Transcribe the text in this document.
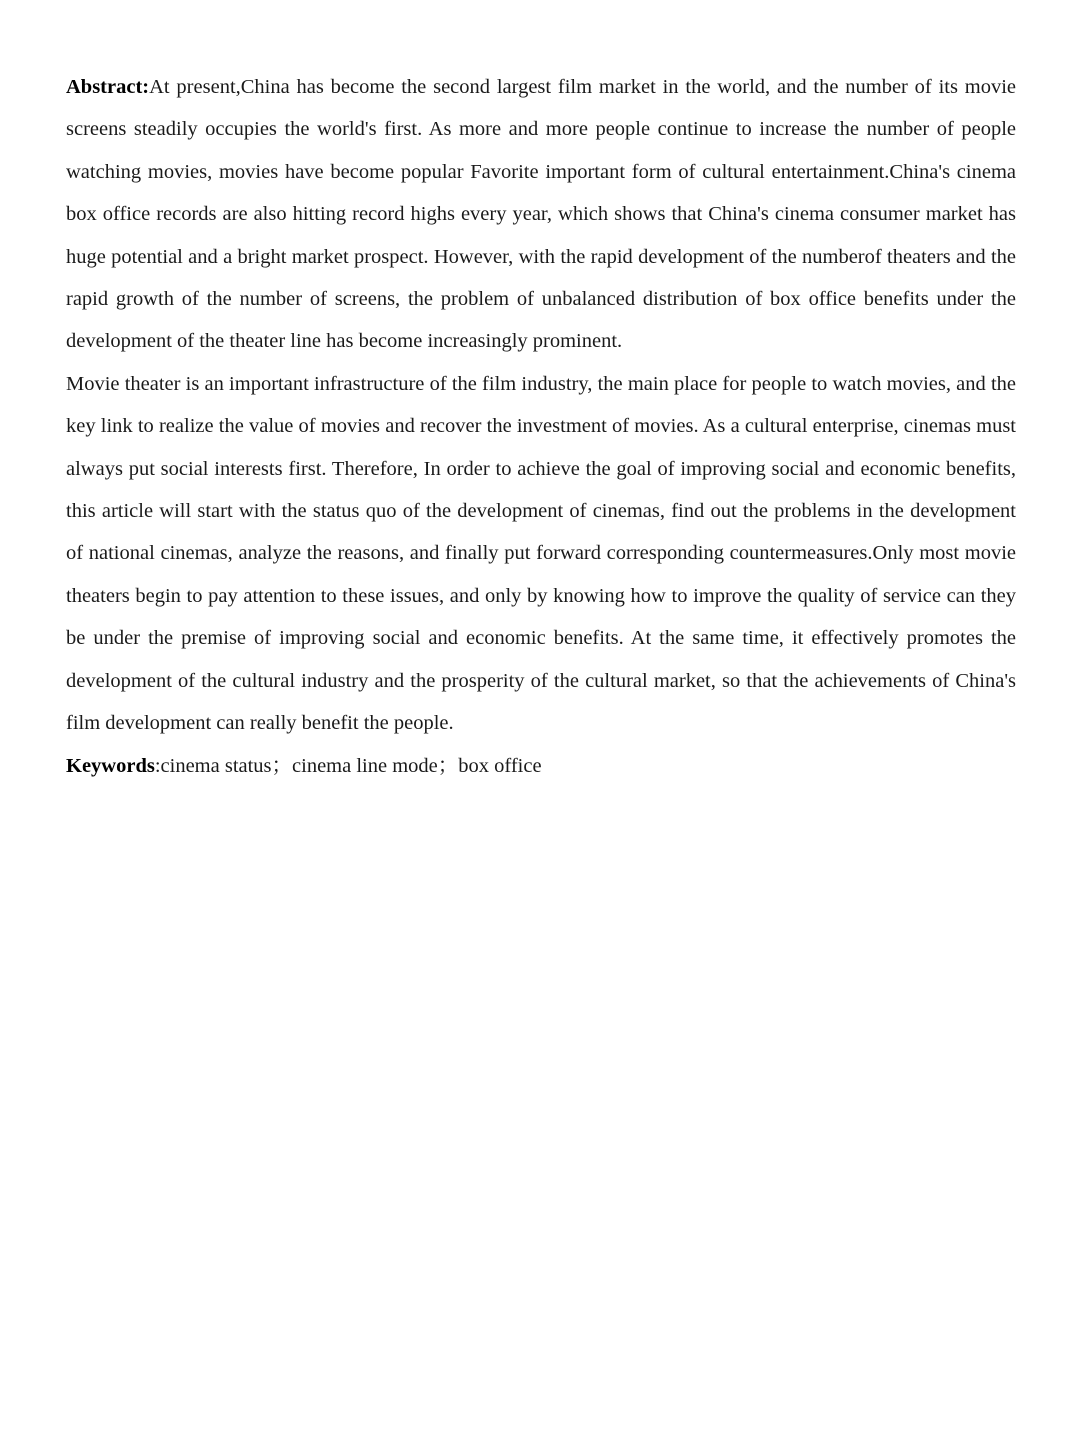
Abstract:At present,China has become the second largest film market in the world, and the number of its movie screens steadily occupies the world's first. As more and more people continue to increase the number of people watching movies, movies have become popular Favorite important form of cultural entertainment.China's cinema box office records are also hitting record highs every year, which shows that China's cinema consumer market has huge potential and a bright market prospect. However, with the rapid development of the numberof theaters and the rapid growth of the number of screens, the problem of unbalanced distribution of box office benefits under the development of the theater line has become increasingly prominent.

Movie theater is an important infrastructure of the film industry, the main place for people to watch movies, and the key link to realize the value of movies and recover the investment of movies. As a cultural enterprise, cinemas must always put social interests first. Therefore, In order to achieve the goal of improving social and economic benefits, this article will start with the status quo of the development of cinemas, find out the problems in the development of national cinemas, analyze the reasons, and finally put forward corresponding countermeasures.Only most movie theaters begin to pay attention to these issues, and only by knowing how to improve the quality of service can they be under the premise of improving social and economic benefits. At the same time, it effectively promotes the development of the cultural industry and the prosperity of the cultural market, so that the achievements of China's film development can really benefit the people.

Keywords:cinema status；cinema line mode；box office
